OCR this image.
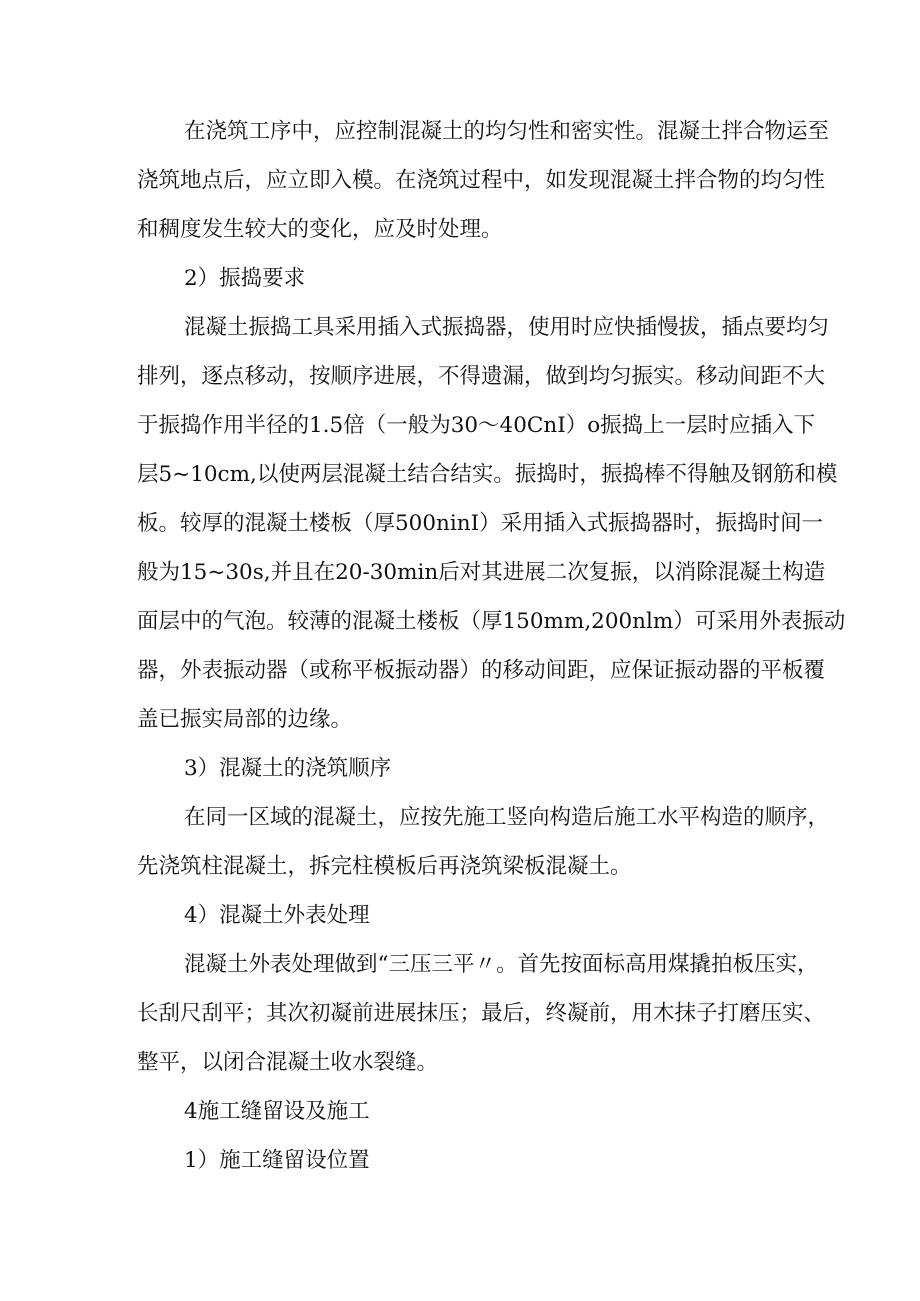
在浇筑工序中，应控制混凝土的均匀性和密实性。混凝土拌合物运至
浇筑地点后，应立即入模。在浇筑过程中，如发现混凝土拌合物的均匀性
和稠度发生较大的变化，应及时处理。
2）振捣要求
混凝土振捣工具采用插入式振捣器，使用时应快插慢拔，插点要均匀
排列，逐点移动，按顺序进展，不得遗漏，做到均匀振实。移动间距不大
于振捣作用半径的1.5倍（一般为30～40CnI）o振捣上一层时应插入下
层5~10cm,以使两层混凝土结合结实。振捣时，振捣棒不得触及钢筋和模
板。较厚的混凝土楼板（厚500ninI）采用插入式振捣器时，振捣时间一
般为15~30s,并且在20-30min后对其进展二次复振，以消除混凝土构造
面层中的气泡。较薄的混凝土楼板（厚150mm,200nlm）可采用外表振动
器，外表振动器（或称平板振动器）的移动间距，应保证振动器的平板覆
盖已振实局部的边缘。
3）混凝土的浇筑顺序
在同一区域的混凝土，应按先施工竖向构造后施工水平构造的顺序，
先浇筑柱混凝土，拆完柱模板后再浇筑梁板混凝土。
4）混凝土外表处理
混凝土外表处理做到“三压三平〃。首先按面标高用煤撬拍板压实，
长刮尺刮平；其次初凝前进展抹压；最后，终凝前，用木抹子打磨压实、
整平，以闭合混凝土收水裂缝。
4施工缝留设及施工
1）施工缝留设位置
